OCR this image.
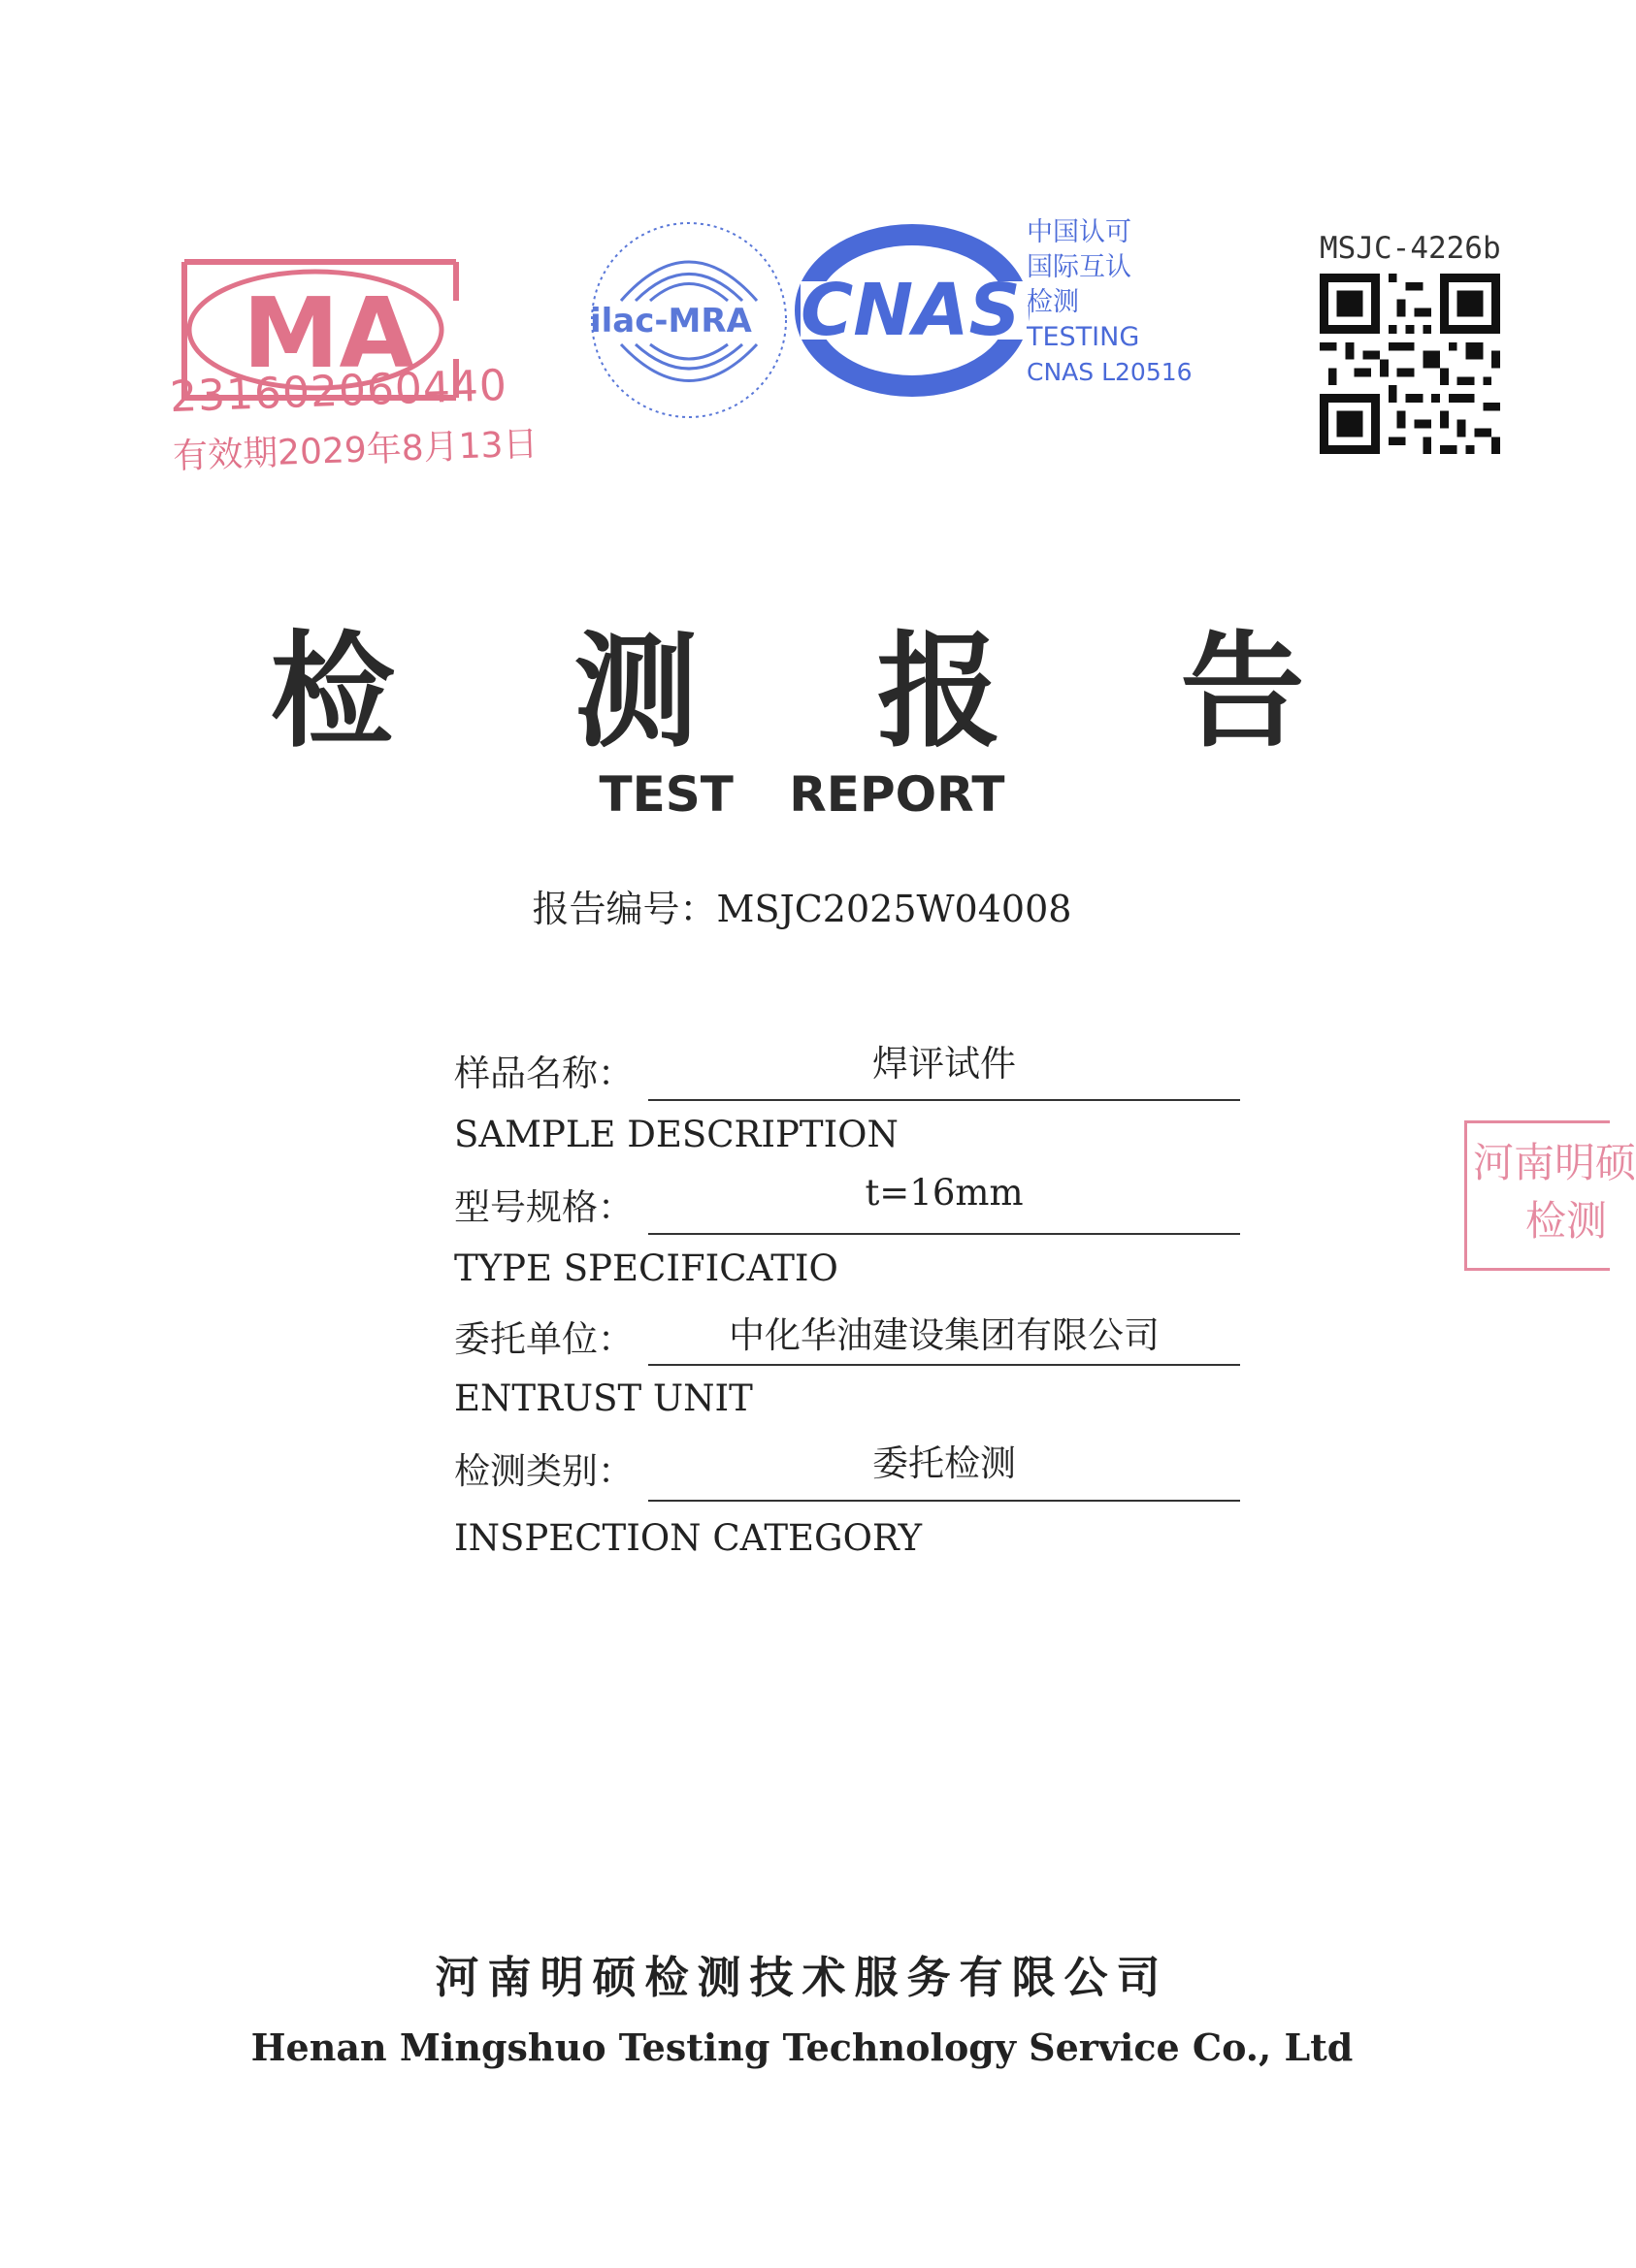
MA
231602060440
有效期2029年8月13日
ilac-MRA CNAS
中国认可
国际互认
检测
TESTING
CNAS L20516
MSJC-4226b
检 测 报 告
TEST REPORT
报告编号：MSJC2025W04008
样品名称：	焊评试件
SAMPLE DESCRIPTION
型号规格：	t=16mm
TYPE SPECIFICATIO
委托单位：	中化华油建设集团有限公司
ENTRUST UNIT
检测类别：	委托检测
INSPECTION CATEGORY
河南明硕
检测
河南明硕检测技术服务有限公司
Henan Mingshuo Testing Technology Service Co., Ltd
